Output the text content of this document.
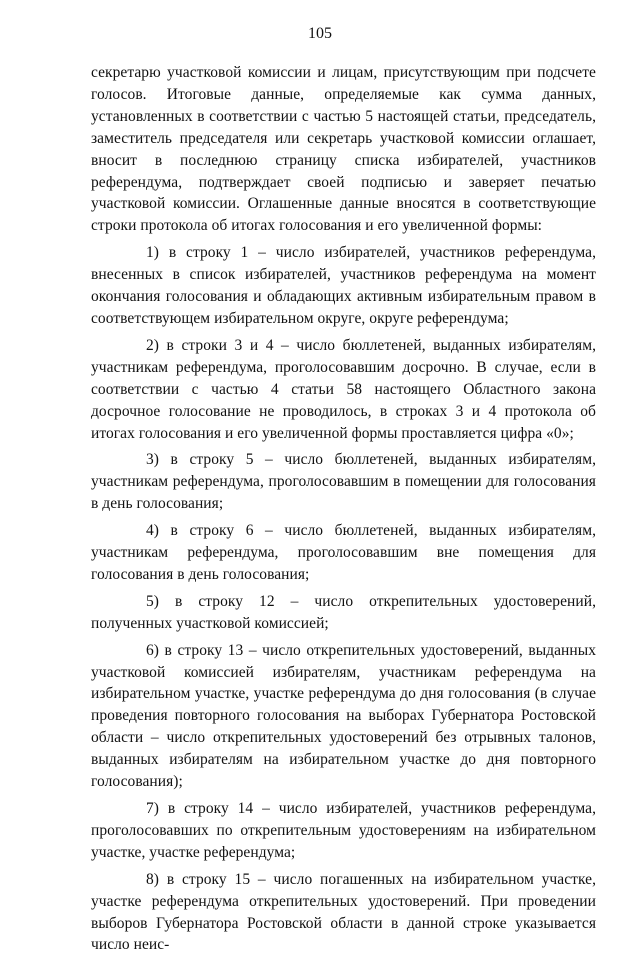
105

секретарю участковой комиссии и лицам, присутствующим при подсчете голосов. Итоговые данные, определяемые как сумма данных, установленных в соответствии с частью 5 настоящей статьи, председатель, заместитель председателя или секретарь участковой комиссии оглашает, вносит в последнюю страницу списка избирателей, участников референдума, подтверждает своей подписью и заверяет печатью участковой комиссии. Оглашенные данные вносятся в соответствующие строки протокола об итогах голосования и его увеличенной формы:

1) в строку 1 – число избирателей, участников референдума, внесенных в список избирателей, участников референдума на момент окончания голосования и обладающих активным избирательным правом в соответствующем избирательном округе, округе референдума;

2) в строки 3 и 4 – число бюллетеней, выданных избирателям, участникам референдума, проголосовавшим досрочно. В случае, если в соответствии с частью 4 статьи 58 настоящего Областного закона досрочное голосование не проводилось, в строках 3 и 4 протокола об итогах голосования и его увеличенной формы проставляется цифра «0»;

3) в строку 5 – число бюллетеней, выданных избирателям, участникам референдума, проголосовавшим в помещении для голосования в день голосования;

4) в строку 6 – число бюллетеней, выданных избирателям, участникам референдума, проголосовавшим вне помещения для голосования в день голосования;

5) в строку 12 – число открепительных удостоверений, полученных участковой комиссией;

6) в строку 13 – число открепительных удостоверений, выданных участковой комиссией избирателям, участникам референдума на избирательном участке, участке референдума до дня голосования (в случае проведения повторного голосования на выборах Губернатора Ростовской области – число открепительных удостоверений без отрывных талонов, выданных избирателям на избирательном участке до дня повторного голосования);

7) в строку 14 – число избирателей, участников референдума, проголосовавших по открепительным удостоверениям на избирательном участке, участке референдума;

8) в строку 15 – число погашенных на избирательном участке, участке референдума открепительных удостоверений. При проведении выборов Губернатора Ростовской области в данной строке указывается число неис-
